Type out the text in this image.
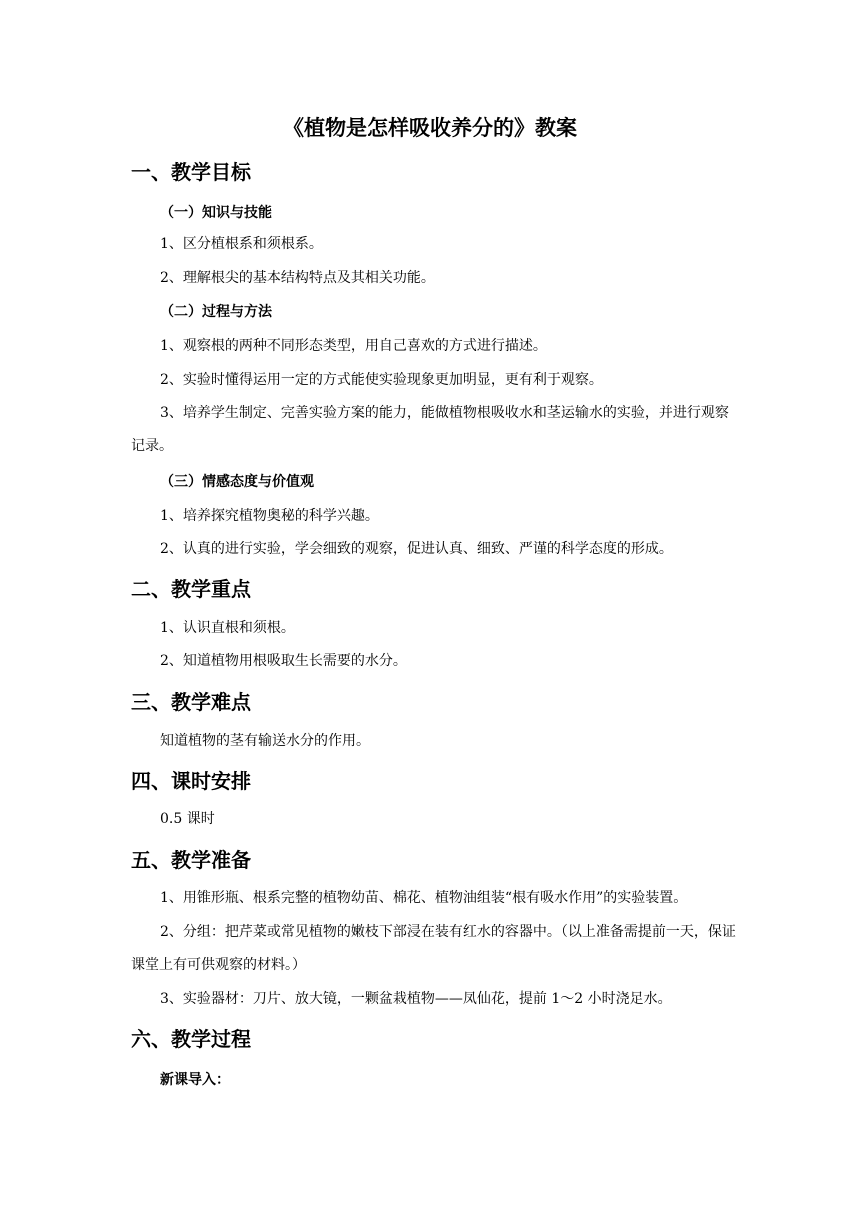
《植物是怎样吸收养分的》教案
一、教学目标
（一）知识与技能
1、区分植根系和须根系。
2、理解根尖的基本结构特点及其相关功能。
（二）过程与方法
1、观察根的两种不同形态类型，用自己喜欢的方式进行描述。
2、实验时懂得运用一定的方式能使实验现象更加明显，更有利于观察。
3、培养学生制定、完善实验方案的能力，能做植物根吸收水和茎运输水的实验，并进行观察记录。
（三）情感态度与价值观
1、培养探究植物奥秘的科学兴趣。
2、认真的进行实验，学会细致的观察，促进认真、细致、严谨的科学态度的形成。
二、教学重点
1、认识直根和须根。
2、知道植物用根吸取生长需要的水分。
三、教学难点
知道植物的茎有输送水分的作用。
四、课时安排
0.5 课时
五、教学准备
1、用锥形瓶、根系完整的植物幼苗、棉花、植物油组装“根有吸水作用”的实验装置。
2、分组：把芹菜或常见植物的嫩枝下部浸在装有红水的容器中。（以上准备需提前一天，保证课堂上有可供观察的材料。）
3、实验器材：刀片、放大镜，一颗盆栽植物——凤仙花，提前 1～2 小时浇足水。
六、教学过程
新课导入：
